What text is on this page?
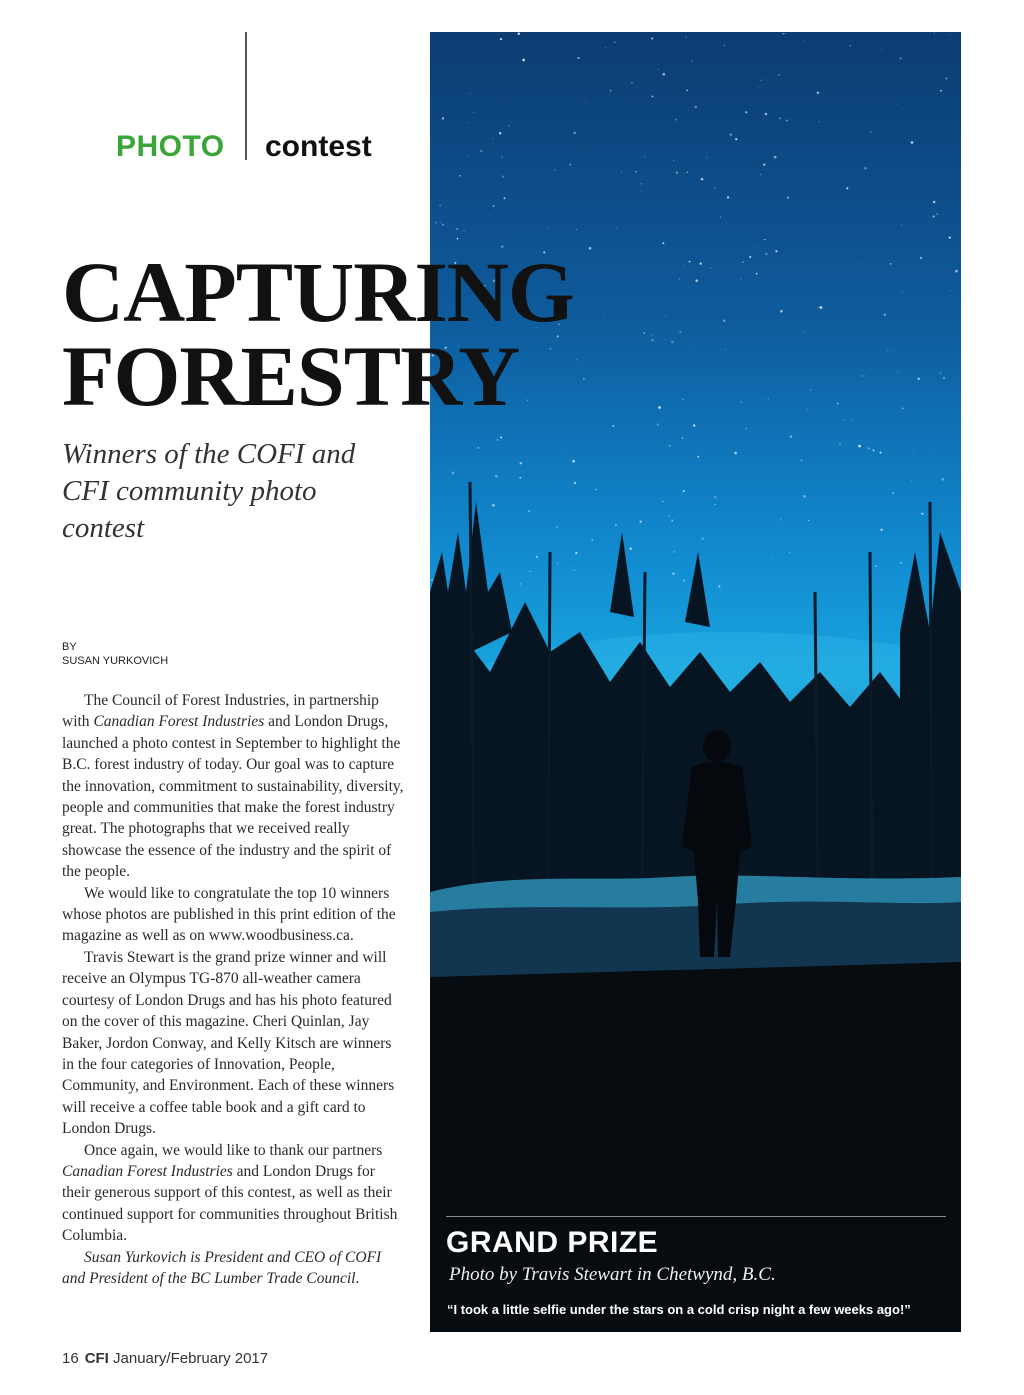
PHOTO contest
CAPTURING
FORESTRY

Winners of the COFI and CFI community photo contest

BY
SUSAN YURKOVICH

The Council of Forest Industries, in partnership with Canadian Forest Industries and London Drugs, launched a photo contest in September to highlight the B.C. forest industry of today. Our goal was to capture the innovation, commitment to sustainability, diversity, people and communities that make the forest industry great. The photographs that we received really showcase the essence of the industry and the spirit of the people.

We would like to congratulate the top 10 winners whose photos are published in this print edition of the magazine as well as on www.woodbusiness.ca.

Travis Stewart is the grand prize winner and will receive an Olympus TG-870 all-weather camera courtesy of London Drugs and has his photo featured on the cover of this magazine. Cheri Quinlan, Jay Baker, Jordon Conway, and Kelly Kitsch are winners in the four categories of Innovation, People, Community, and Environment. Each of these winners will receive a coffee table book and a gift card to London Drugs.

Once again, we would like to thank our partners Canadian Forest Industries and London Drugs for their generous support of this contest, as well as their continued support for communities throughout British Columbia.

Susan Yurkovich is President and CEO of COFI and President of the BC Lumber Trade Council.

GRAND PRIZE
Photo by Travis Stewart in Chetwynd, B.C.
“I took a little selfie under the stars on a cold crisp night a few weeks ago!”
16 CFI January/February 2017
